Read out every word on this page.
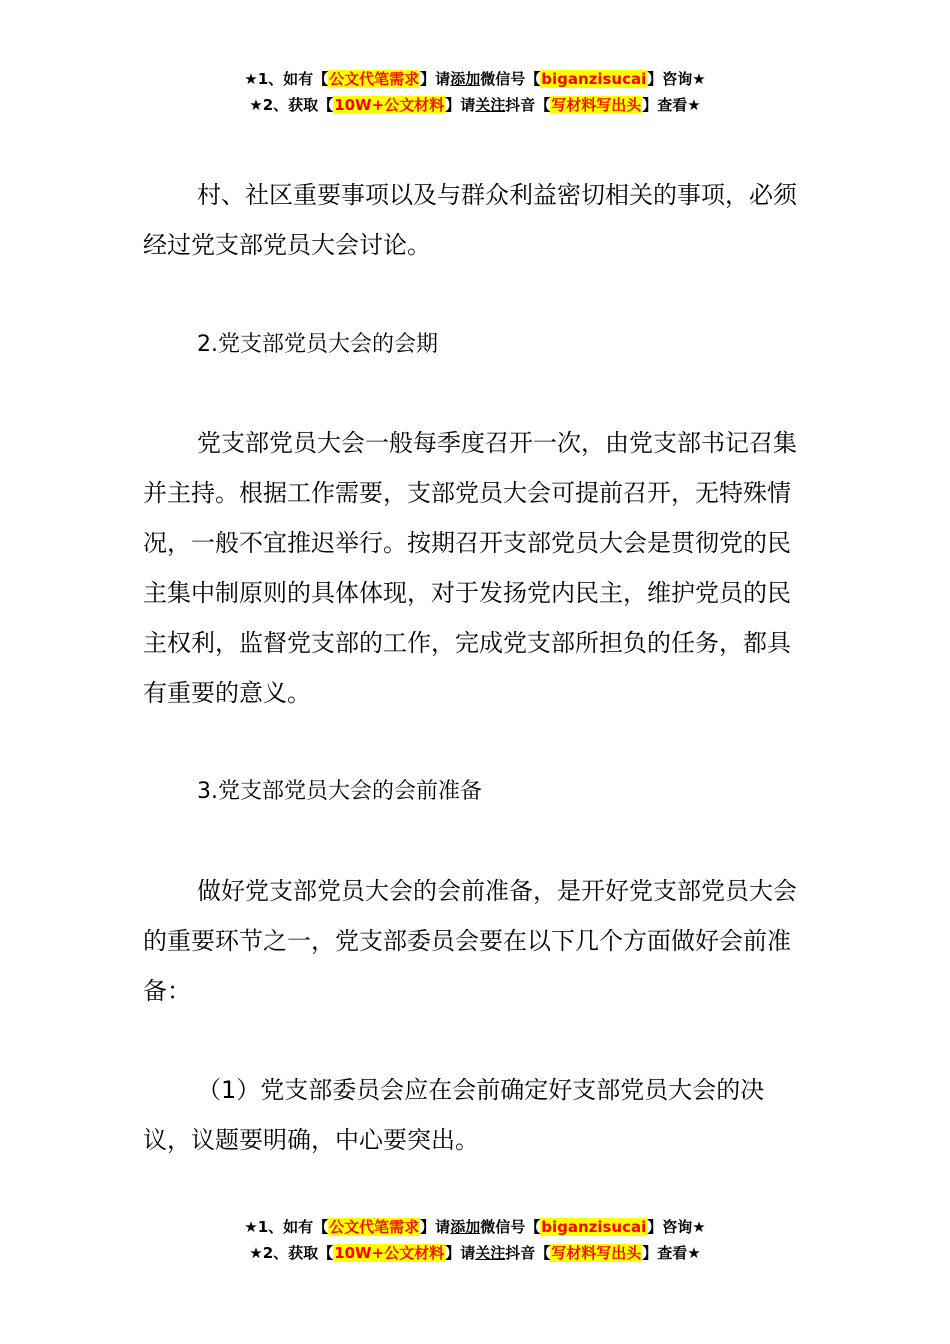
★1、如有【公文代笔需求】请添加微信号【biganzisucai】咨询★
★2、获取【10W+公文材料】请关注抖音【写材料写出头】查看★

村、社区重要事项以及与群众利益密切相关的事项，必须经过党支部党员大会讨论。

2.党支部党员大会的会期

党支部党员大会一般每季度召开一次，由党支部书记召集并主持。根据工作需要，支部党员大会可提前召开，无特殊情况，一般不宜推迟举行。按期召开支部党员大会是贯彻党的民主集中制原则的具体体现，对于发扬党内民主，维护党员的民主权利，监督党支部的工作，完成党支部所担负的任务，都具有重要的意义。

3.党支部党员大会的会前准备

做好党支部党员大会的会前准备，是开好党支部党员大会的重要环节之一，党支部委员会要在以下几个方面做好会前准备：

（1）党支部委员会应在会前确定好支部党员大会的决议，议题要明确，中心要突出。

★1、如有【公文代笔需求】请添加微信号【biganzisucai】咨询★
★2、获取【10W+公文材料】请关注抖音【写材料写出头】查看★
